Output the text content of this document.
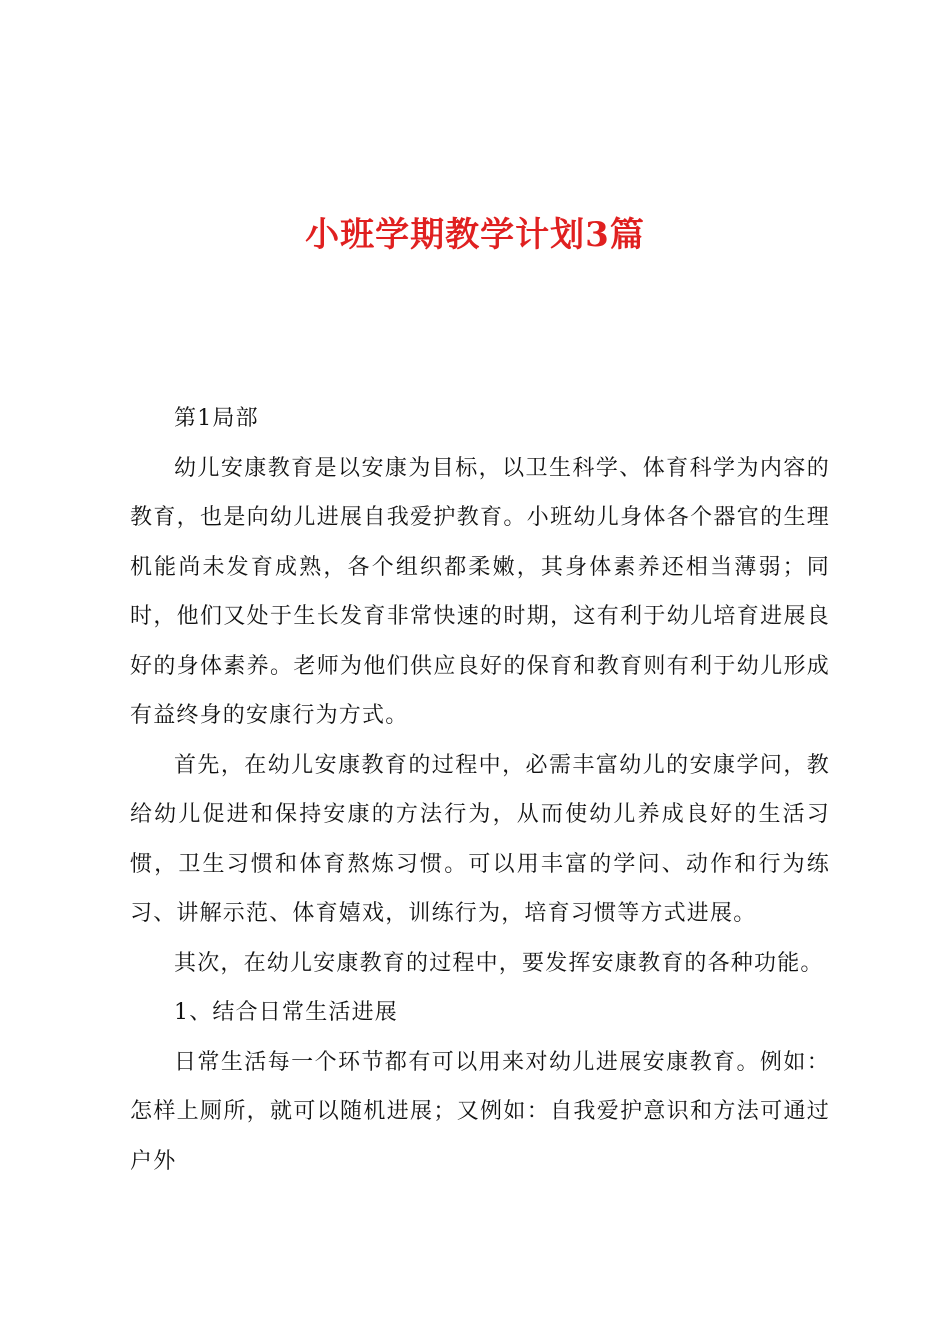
小班学期教学计划3篇

第1局部

幼儿安康教育是以安康为目标，以卫生科学、体育科学为内容的教育，也是向幼儿进展自我爱护教育。小班幼儿身体各个器官的生理机能尚未发育成熟，各个组织都柔嫩，其身体素养还相当薄弱；同时，他们又处于生长发育非常快速的时期，这有利于幼儿培育进展良好的身体素养。老师为他们供应良好的保育和教育则有利于幼儿形成有益终身的安康行为方式。

首先，在幼儿安康教育的过程中，必需丰富幼儿的安康学问，教给幼儿促进和保持安康的方法行为，从而使幼儿养成良好的生活习惯，卫生习惯和体育熬炼习惯。可以用丰富的学问、动作和行为练习、讲解示范、体育嬉戏，训练行为，培育习惯等方式进展。

其次，在幼儿安康教育的过程中，要发挥安康教育的各种功能。

1、结合日常生活进展

日常生活每一个环节都有可以用来对幼儿进展安康教育。例如：怎样上厕所，就可以随机进展；又例如：自我爱护意识和方法可通过户外
